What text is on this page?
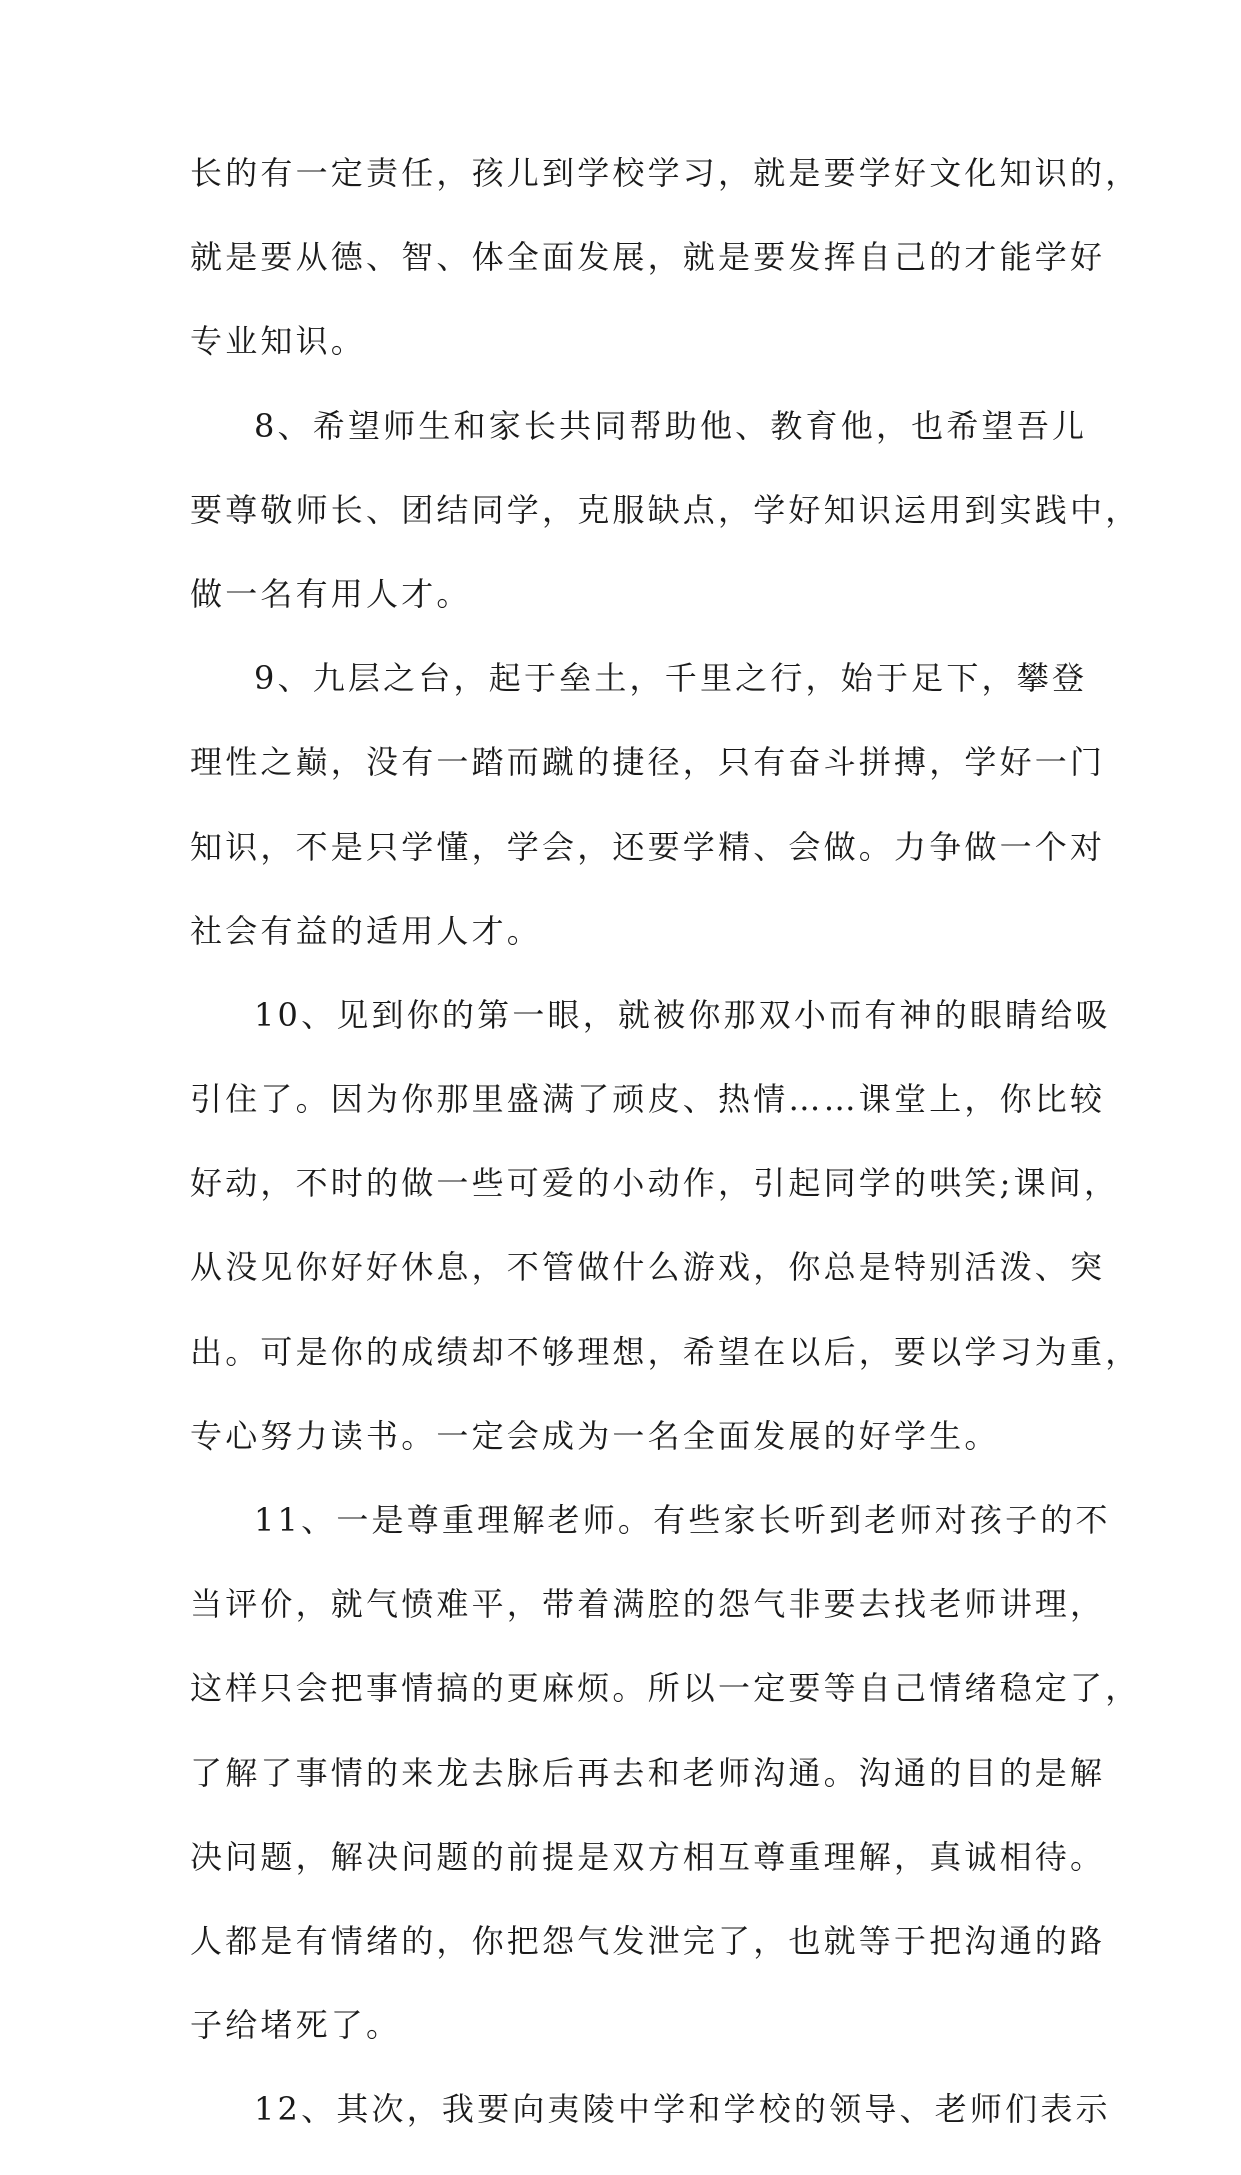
长的有一定责任，孩儿到学校学习，就是要学好文化知识的，
就是要从德、智、体全面发展，就是要发挥自己的才能学好
专业知识。
8、希望师生和家长共同帮助他、教育他，也希望吾儿
要尊敬师长、团结同学，克服缺点，学好知识运用到实践中，
做一名有用人才。
9、九层之台，起于垒土，千里之行，始于足下，攀登
理性之巅，没有一踏而蹴的捷径，只有奋斗拼搏，学好一门
知识，不是只学懂，学会，还要学精、会做。力争做一个对
社会有益的适用人才。
10、见到你的第一眼，就被你那双小而有神的眼睛给吸
引住了。因为你那里盛满了顽皮、热情……课堂上，你比较
好动，不时的做一些可爱的小动作，引起同学的哄笑;课间，
从没见你好好休息，不管做什么游戏，你总是特别活泼、突
出。可是你的成绩却不够理想，希望在以后，要以学习为重，
专心努力读书。一定会成为一名全面发展的好学生。
11、一是尊重理解老师。有些家长听到老师对孩子的不
当评价，就气愤难平，带着满腔的怨气非要去找老师讲理，
这样只会把事情搞的更麻烦。所以一定要等自己情绪稳定了，
了解了事情的来龙去脉后再去和老师沟通。沟通的目的是解
决问题，解决问题的前提是双方相互尊重理解，真诚相待。
人都是有情绪的，你把怨气发泄完了，也就等于把沟通的路
子给堵死了。
12、其次，我要向夷陵中学和学校的领导、老师们表示
